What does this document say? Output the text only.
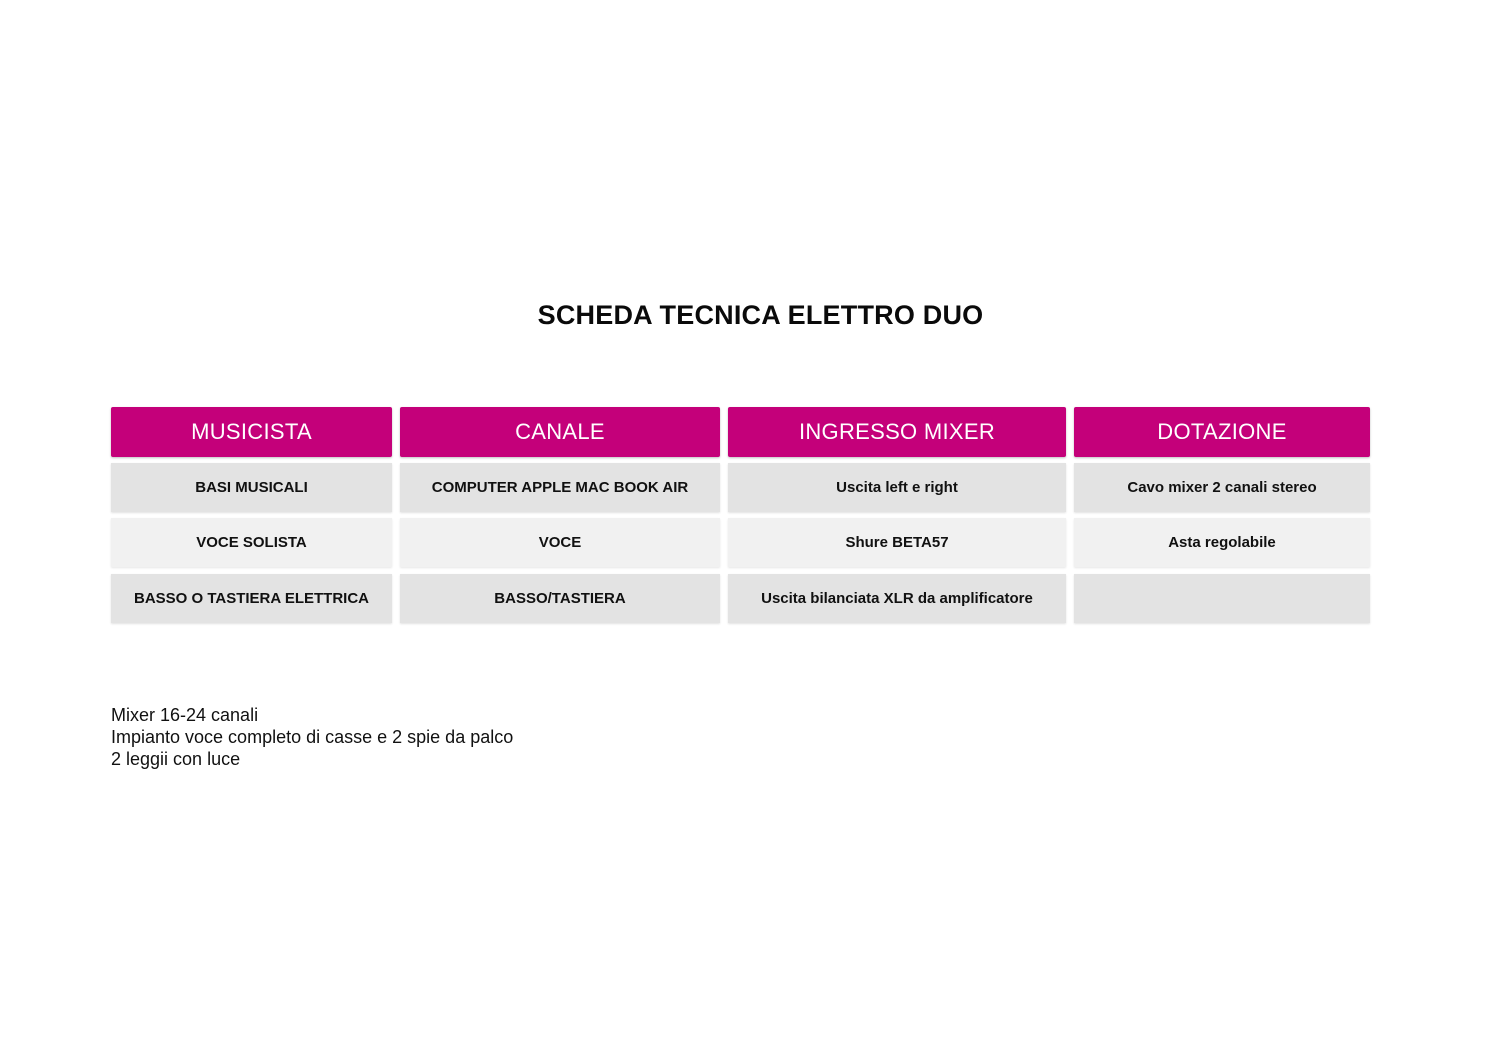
SCHEDA TECNICA ELETTRO DUO
MUSICISTA	CANALE	INGRESSO MIXER	DOTAZIONE
BASI MUSICALI	COMPUTER APPLE MAC BOOK AIR	Uscita left e right	Cavo mixer 2 canali stereo
VOCE SOLISTA	VOCE	Shure BETA57	Asta regolabile
BASSO O TASTIERA ELETTRICA	BASSO/TASTIERA	Uscita bilanciata XLR da amplificatore
Mixer 16-24 canali
Impianto voce completo di casse e 2 spie da palco
2 leggii con luce
